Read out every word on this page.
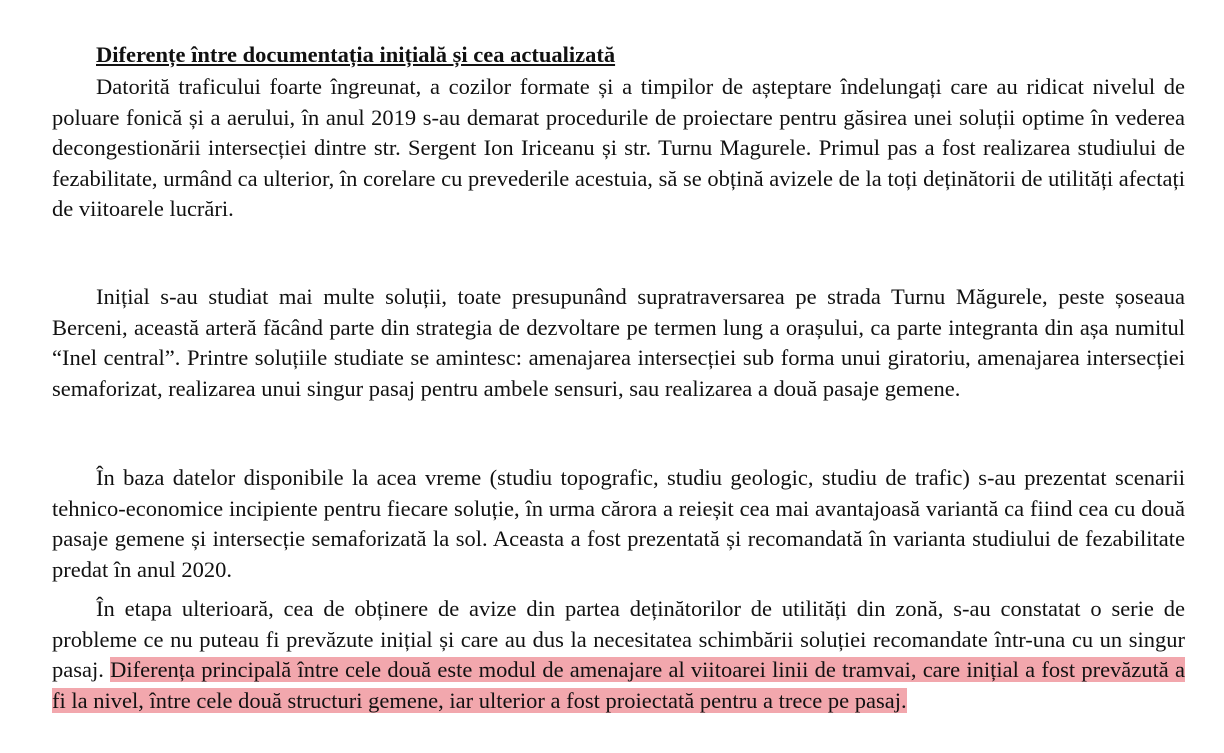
Diferențe între documentația inițială și cea actualizată

Datorită traficului foarte îngreunat, a cozilor formate și a timpilor de așteptare îndelungați care au ridicat nivelul de poluare fonică și a aerului, în anul 2019 s-au demarat procedurile de proiectare pentru găsirea unei soluții optime în vederea decongestionării intersecției dintre str. Sergent Ion Iriceanu și str. Turnu Magurele. Primul pas a fost realizarea studiului de fezabilitate, urmând ca ulterior, în corelare cu prevederile acestuia, să se obțină avizele de la toți deținătorii de utilități afectați de viitoarele lucrări.

Inițial s-au studiat mai multe soluții, toate presupunând supratraversarea pe strada Turnu Măgurele, peste șoseaua Berceni, această arteră făcând parte din strategia de dezvoltare pe termen lung a orașului, ca parte integranta din așa numitul “Inel central”. Printre soluțiile studiate se amintesc: amenajarea intersecției sub forma unui giratoriu, amenajarea intersecției semaforizat, realizarea unui singur pasaj pentru ambele sensuri, sau realizarea a două pasaje gemene.

În baza datelor disponibile la acea vreme (studiu topografic, studiu geologic, studiu de trafic) s-au prezentat scenarii tehnico-economice incipiente pentru fiecare soluție, în urma cărora a reieșit cea mai avantajoasă variantă ca fiind cea cu două pasaje gemene și intersecție semaforizată la sol. Aceasta a fost prezentată și recomandată în varianta studiului de fezabilitate predat în anul 2020.

În etapa ulterioară, cea de obținere de avize din partea deținătorilor de utilități din zonă, s-au constatat o serie de probleme ce nu puteau fi prevăzute inițial și care au dus la necesitatea schimbării soluției recomandate într-una cu un singur pasaj. Diferența principală între cele două este modul de amenajare al viitoarei linii de tramvai, care inițial a fost prevăzută a fi la nivel, între cele două structuri gemene, iar ulterior a fost proiectată pentru a trece pe pasaj.
